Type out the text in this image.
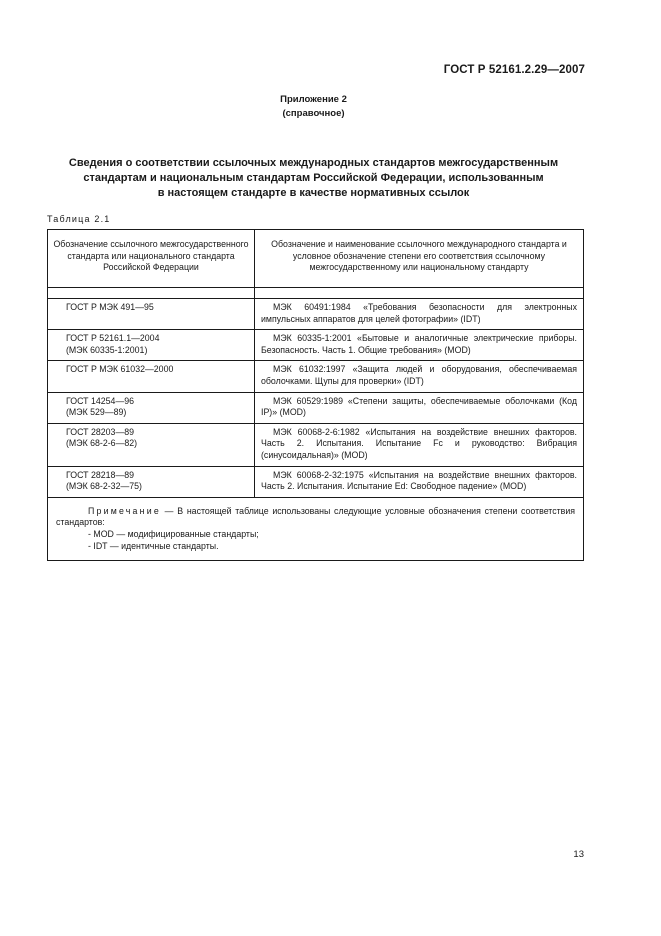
ГОСТ Р 52161.2.29—2007
Приложение 2
(справочное)
Сведения о соответствии ссылочных международных стандартов межгосударственным
стандартам и национальным стандартам Российской Федерации, использованным
в настоящем стандарте в качестве нормативных ссылок
Таблица 2.1
Обозначение ссылочного межгосударственного стандарта или национального стандарта Российской Федерации	Обозначение и наименование ссылочного международного стандарта и условное обозначение степени его соответствия ссылочному межгосударственному или национальному стандарту

ГОСТ Р МЭК 491—95	МЭК 60491:1984 «Требования безопасности для электронных импульсных аппаратов для целей фотографии» (IDT)

ГОСТ Р 52161.1—2004
(МЭК 60335-1:2001)	МЭК 60335-1:2001 «Бытовые и аналогичные электрические приборы. Безопасность. Часть 1. Общие требования» (MOD)

ГОСТ Р МЭК 61032—2000	МЭК 61032:1997 «Защита людей и оборудования, обеспечиваемая оболочками. Щупы для проверки» (IDT)

ГОСТ 14254—96
(МЭК 529—89)	МЭК 60529:1989 «Степени защиты, обеспечиваемые оболочками (Код IP)» (MOD)

ГОСТ 28203—89
(МЭК 68-2-6—82)	МЭК 60068-2-6:1982 «Испытания на воздействие внешних факторов. Часть 2. Испытания. Испытание Fc и руководство: Вибрация (синусоидальная)» (MOD)

ГОСТ 28218—89
(МЭК 68-2-32—75)	МЭК 60068-2-32:1975 «Испытания на воздействие внешних факторов. Часть 2. Испытания. Испытание Ed: Свободное падение» (MOD)

Примечание — В настоящей таблице использованы следующие условные обозначения степени соответствия стандартов:
- MOD — модифицированные стандарты;
- IDT — идентичные стандарты.	
13
